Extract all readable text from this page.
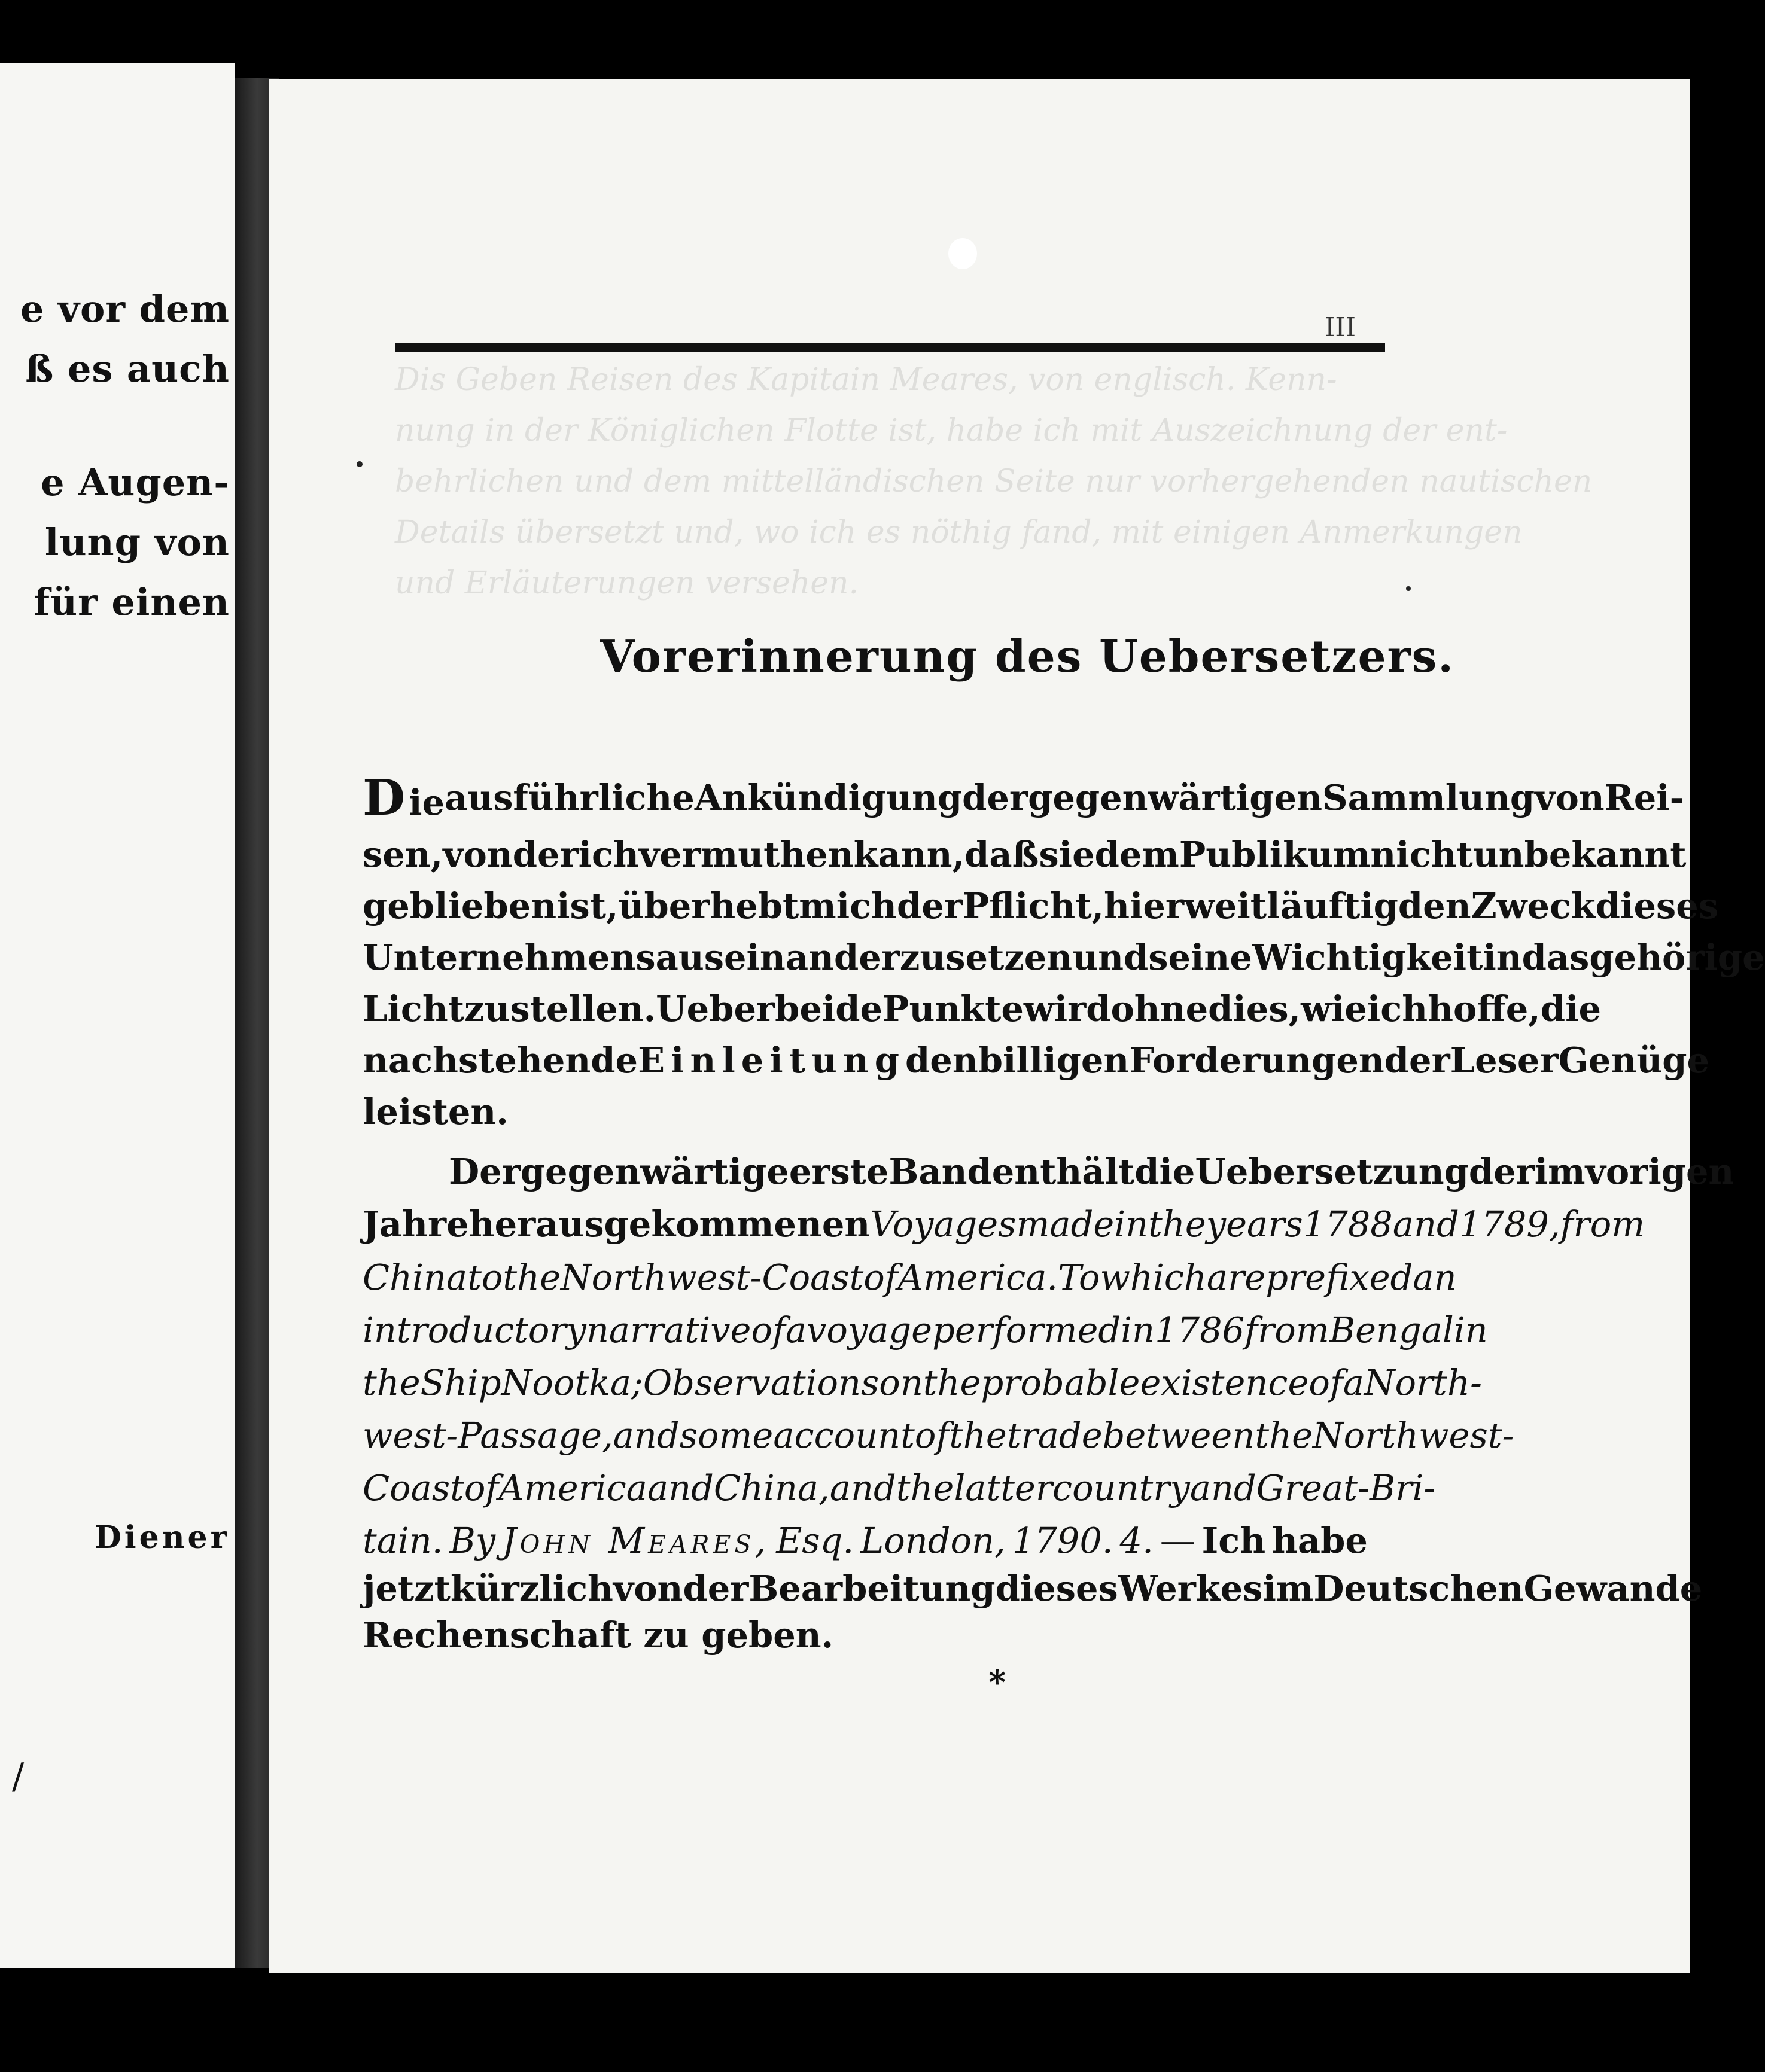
e vor dem
ß es auch
e Augen-
lung von
für einen
Diener
/
Dis Geben Reisen des Kapitain Meares, von englisch. Kenn-
nung in der Königlichen Flotte ist, habe ich mit Auszeichnung der ent-
behrlichen und dem mittelländischen Seite nur vorhergehenden nautischen
Details übersetzt und, wo ich es nöthig fand, mit einigen Anmerkungen
und Erläuterungen versehen.
III
Vorerinnerung des Uebersetzers.
D ie ausführliche Ankündigung der gegenwärtigen Sammlung von Rei-
sen, von der ich vermuthen kann, daß sie dem Publikum nicht unbekannt
geblieben ist, überhebt mich der Pflicht, hier weitläuftig den Zweck dieses
Unternehmens aus einander zu setzen und seine Wichtigkeit in das gehörige
Licht zu stellen. Ueber beide Punkte wird ohnedies, wie ich hoffe, die
nachstehende Einleitung den billigen Forderungen der Leser Genüge
leisten.
Der gegenwärtige erste Band enthält die Uebersetzung der im vorigen
Jahre herausgekommenen Voyages made in the years 1788 and 1789, from
China to the Northwest-Coast of America. To which are prefixed an
introductory narrative of a voyage performed in 1786 from Bengal in
the Ship Nootka; Observations on the probable existence of a North-
west-Passage, and some account of the trade between the Northwest-
Coast of America and China, and the latter country and Great-Bri-
tain. By John Meares, Esq. London, 1790. 4. — Ich habe
jetzt kürzlich von der Bearbeitung dieses Werkes im Deutschen Gewande
Rechenschaft zu geben.
*
